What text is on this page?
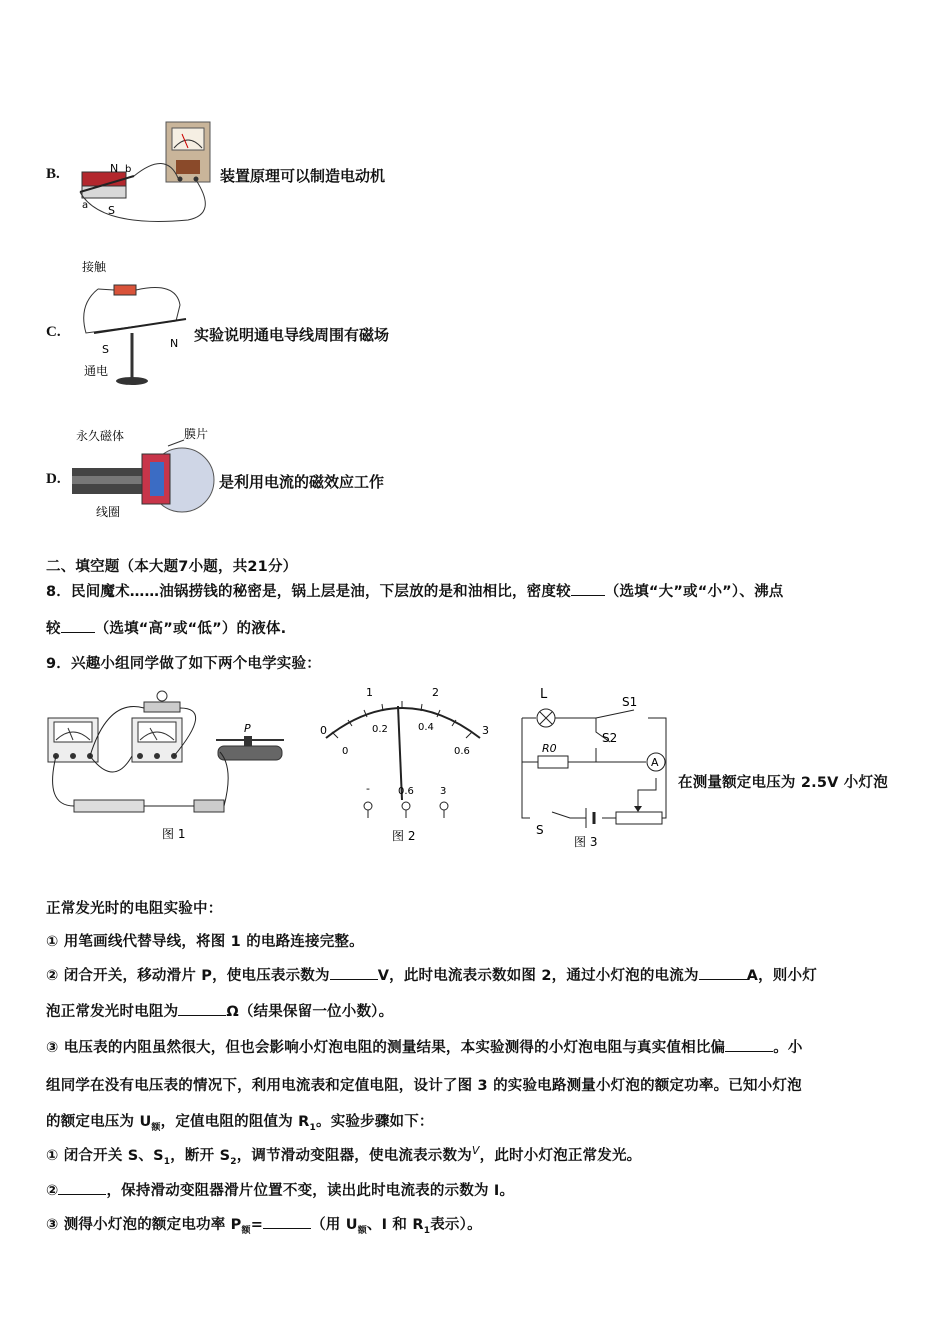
B.	N b
a S
装置原理可以制造电动机
C.
接触
S	N
通电
实验说明通电导线周围有磁场
D.
永久磁体	膜片
线圈
是利用电流的磁效应工作
二、填空题（本大题7小题，共21分）
8．民间魔术……油锅捞钱的秘密是，锅上层是油，下层放的是和油相比，密度较 （选填“大”或“小”）、沸点
较 （选填“高”或“低”）的液体.
9．兴趣小组同学做了如下两个电学实验：
P
图 1
0
1	2
3
0
0.2	0.4
0.6
-	0.6	3
图 2
L	S1
S2
R0
A
S
图 3
在测量额定电压为 2.5V 小灯泡
正常发光时的电阻实验中：
① 用笔画线代替导线，将图 1 的电路连接完整。
② 闭合开关，移动滑片 P，使电压表示数为	V，此时电流表示数如图 2，通过小灯泡的电流为	A，则小灯
泡正常发光时电阻为	Ω（结果保留一位小数）。
③ 电压表的内阻虽然很大，但也会影响小灯泡电阻的测量结果，本实验测得的小灯泡电阻与真实值相比偏	。小
组同学在没有电压表的情况下，利用电流表和定值电阻，设计了图 3 的实验电路测量小灯泡的额定功率。已知小灯泡
的额定电压为 $U_额$，定值电阻的阻值为 $R_1$。实验步骤如下：
① 闭合开关 S、$S_1$，断开 $S_2$，调节滑动变阻器，使电流表示数为$^V$，此时小灯泡正常发光。
②	，保持滑动变阻器滑片位置不变，读出此时电流表的示数为 I。
③ 测得小灯泡的额定电功率 $P_额=$	（用 $U_额$、I 和 $R_1$表示）。
